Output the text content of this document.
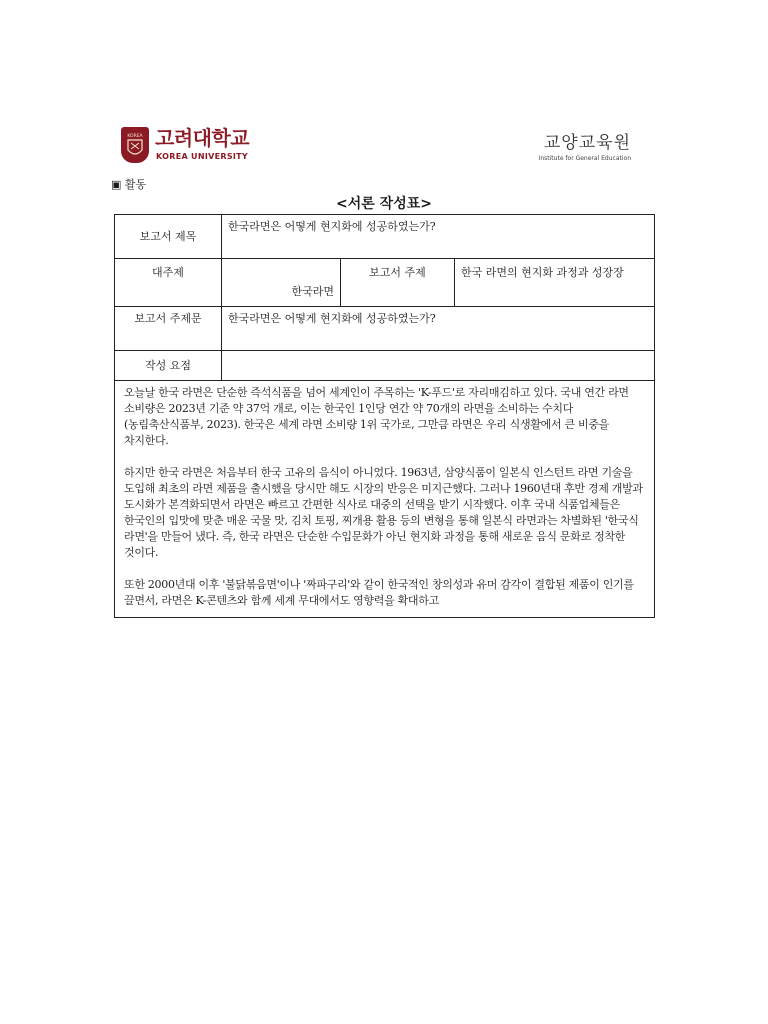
KOREA 고려대학교
KOREA UNIVERSITY
교양교육원
Institute for General Education
▣ 활동
<서론 작성표>
보고서 제목	한국라면은 어떻게 현지화에 성공하였는가?		
대주제	한국라면	보고서 주제	한국 라면의 현지화 과정과 성장장
보고서 주제문	한국라면은 어떻게 현지화에 성공하였는가?		
작성 요점			

오늘날 한국 라면은 단순한 즉석식품을 넘어 세계인이 주목하는 'K-푸드'로 자리매김하고 있다. 국내 연간 라면 소비량은 2023년 기준 약 37억 개로, 이는 한국인 1인당 연간 약 70개의 라면을 소비하는 수치다(농림축산식품부, 2023). 한국은 세계 라면 소비량 1위 국가로, 그만큼 라면은 우리 식생활에서 큰 비중을 차지한다.

하지만 한국 라면은 처음부터 한국 고유의 음식이 아니었다. 1963년, 삼양식품이 일본식 인스턴트 라면 기술을 도입해 최초의 라면 제품을 출시했을 당시만 해도 시장의 반응은 미지근했다. 그러나 1960년대 후반 경제 개발과 도시화가 본격화되면서 라면은 빠르고 간편한 식사로 대중의 선택을 받기 시작했다. 이후 국내 식품업체들은 한국인의 입맛에 맞춘 매운 국물 맛, 김치 토핑, 찌개용 활용 등의 변형을 통해 일본식 라면과는 차별화된 '한국식 라면'을 만들어 냈다. 즉, 한국 라면은 단순한 수입문화가 아닌 현지화 과정을 통해 새로운 음식 문화로 정착한 것이다.

또한 2000년대 이후 '불닭볶음면'이나 '짜파구리'와 같이 한국적인 창의성과 유머 감각이 결합된 제품이 인기를 끌면서, 라면은 K-콘텐츠와 함께 세계 무대에서도 영향력을 확대하고			
